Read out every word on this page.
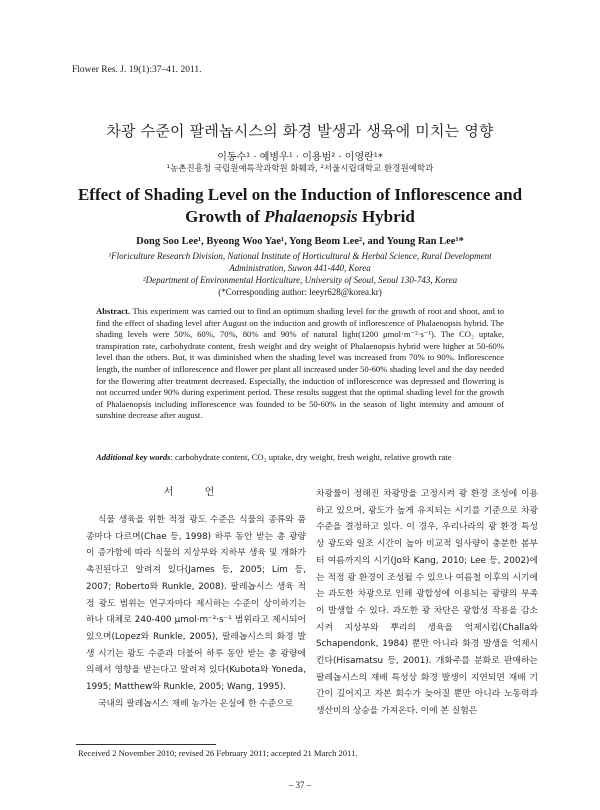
Flower Res. J. 19(1):37–41. 2011.
차광 수준이 팔레놉시스의 화경 발생과 생육에 미치는 영향
이동수¹ · 예병우¹ · 이용범² · 이영란¹*
¹농촌진흥청 국립원예특작과학원 화훼과, ²서울시립대학교 환경원예학과
Effect of Shading Level on the Induction of Inflorescence and
Growth of Phalaenopsis Hybrid
Dong Soo Lee¹, Byeong Woo Yae¹, Yong Beom Lee², and Young Ran Lee¹*
¹Floriculture Research Division, National Institute of Horticultural & Herbal Science, Rural Development
Administration, Suwon 441-440, Korea
²Department of Environmental Horticulture, University of Seoul, Seoul 130-743, Korea
(*Corresponding author: leeyr628@korea.kr)
Abstract. This experiment was carried out to find an optimum shading level for the growth of root and shoot, and to find the effect of shading level after August on the induction and growth of inflorescence of Phalaenopsis hybrid. The shading levels were 50%, 60%, 70%, 80% and 90% of natural light(1200 μmol·m⁻²·s⁻¹). The CO₂ uptake, transpiration rate, carbohydrate content, fresh weight and dry weight of Phalaenopsis hybrid were higher at 50-60% level than the others. But, it was diminished when the shading level was increased from 70% to 90%. Inflorescence length, the number of inflorescence and flower per plant all increased under 50-60% shading level and the day needed for the flowering after treatment decreased. Especially, the induction of inflorescence was depressed and flowering is not occurred under 90% during experiment period. These results suggest that the optimal shading level for the growth of Phalaenopsis including inflorescence was founded to be 50-60% in the season of light intensity and amount of sunshine decrease after august.
Additional key words: carbohydrate content, CO₂ uptake, dry weight, fresh weight, relative growth rate
서 언

식물 생육을 위한 적정 광도 수준은 식물의 종류와 품종마다 다르며(Chae 등, 1998) 하루 동안 받는 총 광량이 증가함에 따라 식물의 지상부와 지하부 생육 및 개화가 촉진된다고 알려져 있다(James 등, 2005; Lim 등, 2007; Roberto와 Runkle, 2008). 팔레놉시스 생육 적정 광도 범위는 연구자마다 제시하는 수준이 상이하기는 하나 대체로 240-400 μmol·m⁻²·s⁻¹ 범위라고 제시되어 있으며(Lopez와 Runkle, 2005), 팔레놉시스의 화경 발생 시기는 광도 수준과 더불어 하루 동안 받는 총 광량에 의해서 영향을 받는다고 알려져 있다(Kubota와 Yoneda, 1995; Matthew와 Runkle, 2005; Wang, 1995).

국내의 팔레놉시스 재배 농가는 온실에 한 수준으로

차광률이 정해진 차광망을 고정시켜 광 환경 조성에 이용하고 있으며, 광도가 높게 유지되는 시기를 기준으로 차광 수준을 결정하고 있다. 이 경우, 우리나라의 광 환경 특성상 광도와 일조 시간이 높아 비교적 일사량이 충분한 봄부터 여름까지의 시기(Jo와 Kang, 2010; Lee 등, 2002)에는 적정 광 환경이 조성될 수 있으나 여름철 이후의 시기에는 과도한 차광으로 인해 광합성에 이용되는 광량의 부족이 발생할 수 있다. 과도한 광 차단은 광합성 작용을 감소시켜 지상부와 뿌리의 생육을 억제시킴(Challa와 Schapendonk, 1984) 뿐만 아니라 화경 발생을 억제시킨다(Hisamatsu 등, 2001). 개화주를 분화로 판매하는 팔레놉시스의 재배 특성상 화경 발생이 지연되면 재배 기간이 길어지고 자본 회수가 늦어질 뿐만 아니라 노동력과 생산비의 상승을 가져온다. 이에 본 실험은

Received 2 November 2010; revised 26 February 2011; accepted 21 March 2011.
– 37 –
